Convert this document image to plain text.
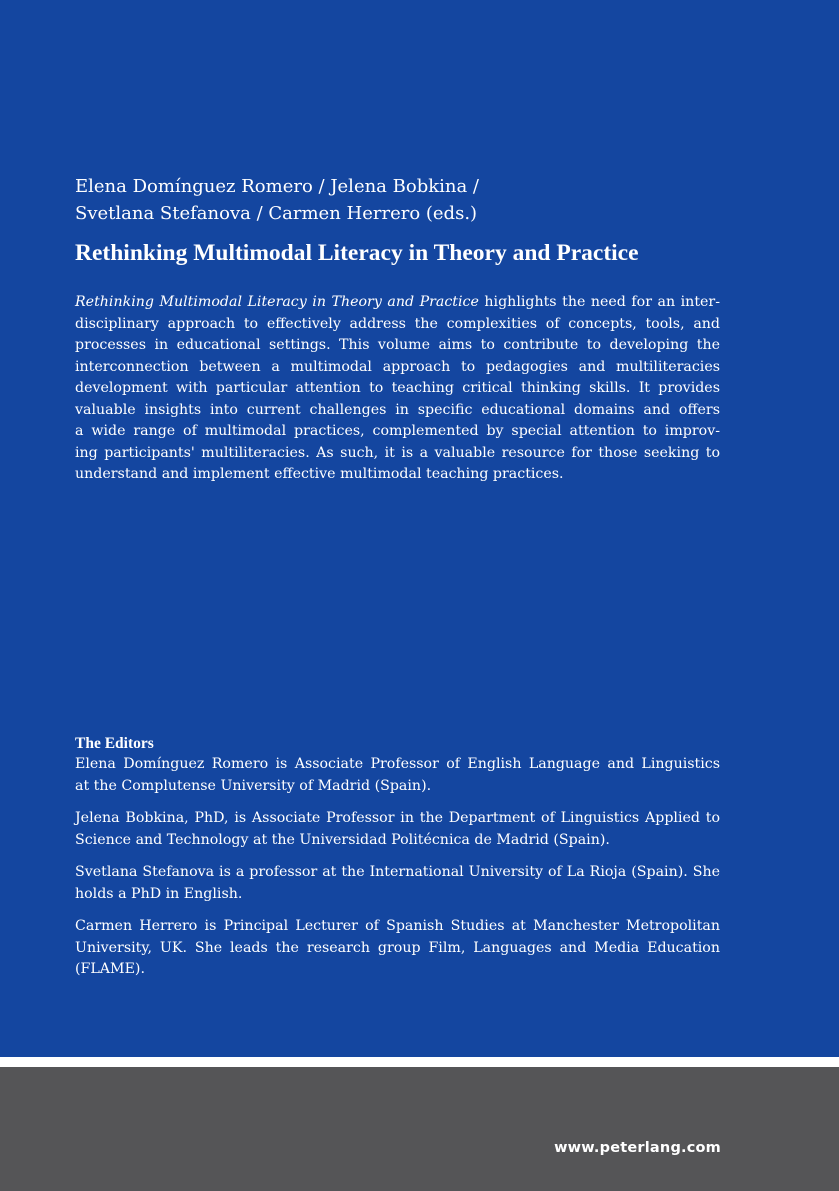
Elena Domínguez Romero / Jelena Bobkina /
Svetlana Stefanova / Carmen Herrero (eds.)
Rethinking Multimodal Literacy in Theory and Practice
Rethinking Multimodal Literacy in Theory and Practice highlights the need for an inter-
disciplinary approach to effectively address the complexities of concepts, tools, and
processes in educational settings. This volume aims to contribute to developing the
interconnection between a multimodal approach to pedagogies and multiliteracies
development with particular attention to teaching critical thinking skills. It provides
valuable insights into current challenges in specific educational domains and offers
a wide range of multimodal practices, complemented by special attention to improv-
ing participants' multiliteracies. As such, it is a valuable resource for those seeking to
understand and implement effective multimodal teaching practices.
The Editors
Elena Domínguez Romero is Associate Professor of English Language and Linguistics
at the Complutense University of Madrid (Spain).
Jelena Bobkina, PhD, is Associate Professor in the Department of Linguistics Applied to
Science and Technology at the Universidad Politécnica de Madrid (Spain).
Svetlana Stefanova is a professor at the International University of La Rioja (Spain). She
holds a PhD in English.
Carmen Herrero is Principal Lecturer of Spanish Studies at Manchester Metropolitan
University, UK. She leads the research group Film, Languages and Media Education
(FLAME).
www.peterlang.com
